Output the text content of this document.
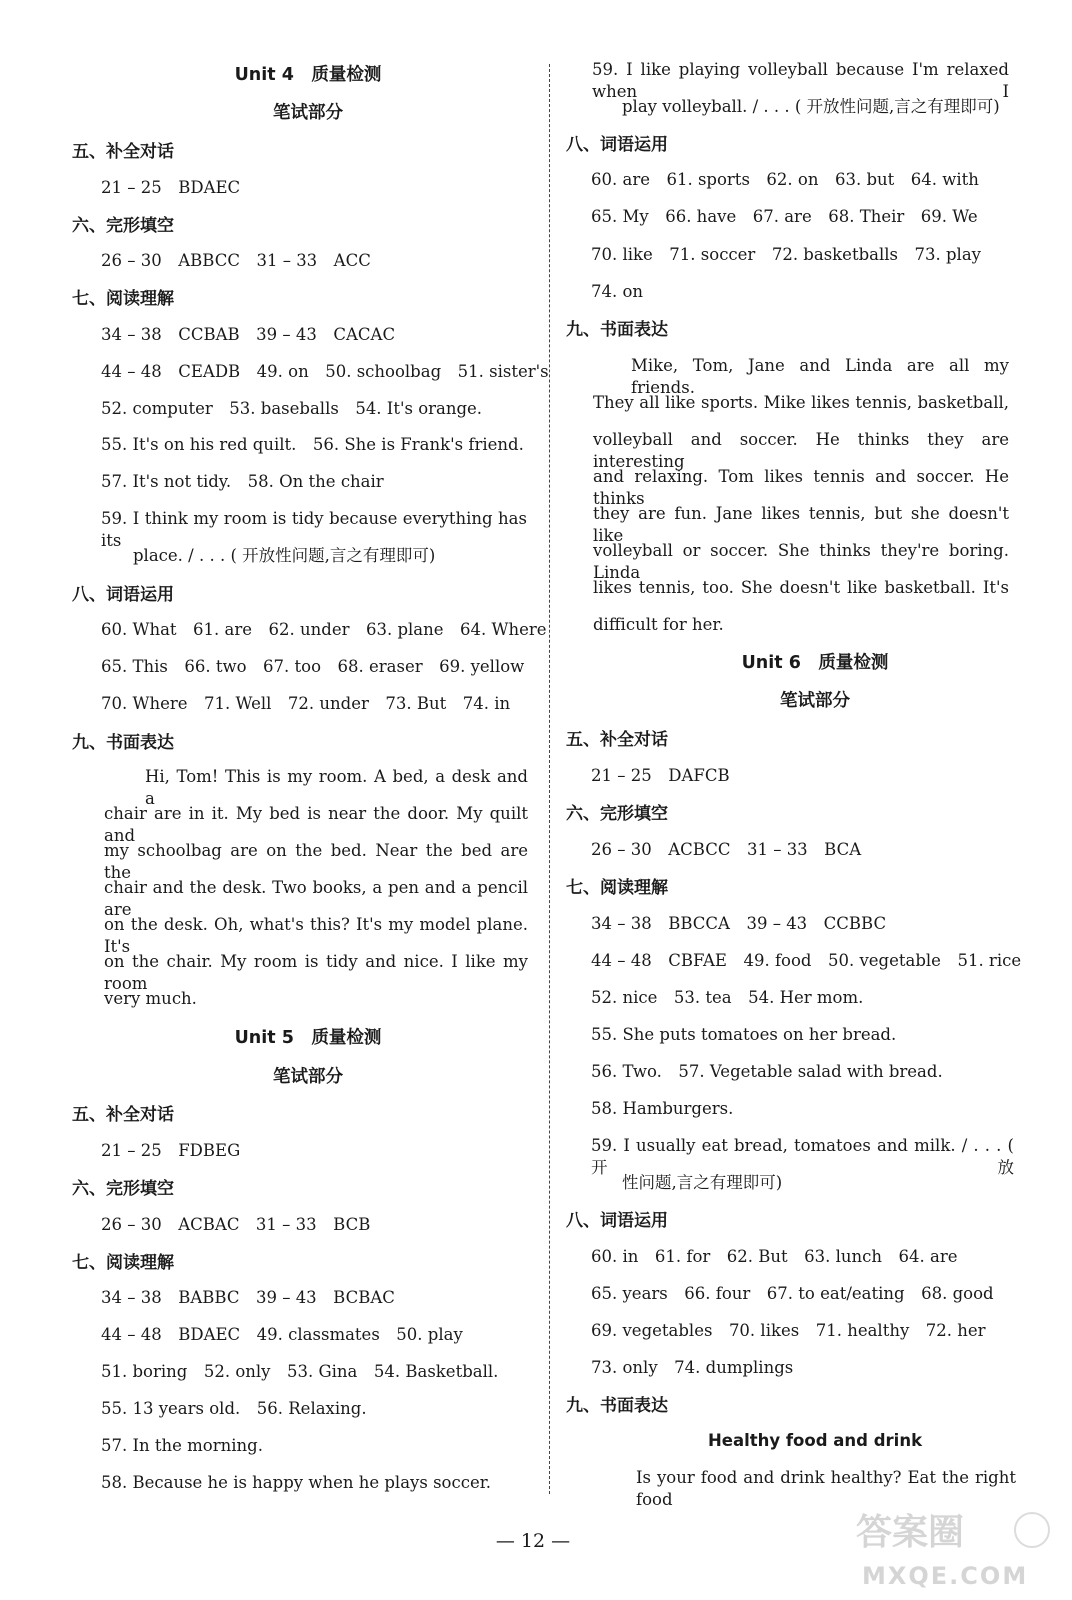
Unit 4　质量检测
笔试部分
五、补全对话
21 – 25　BDAEC
六、完形填空
26 – 30　ABBCC　31 – 33　ACC
七、阅读理解
34 – 38　CCBAB　39 – 43　CACAC
44 – 48　CEADB　49. on　50. schoolbag　51. sister's
52. computer　53. baseballs　54. It's orange.
55. It's on his red quilt.　56. She is Frank's friend.
57. It's not tidy.　58. On the chair
59. I think my room is tidy because everything has its
place. / . . . ( 开放性问题,言之有理即可)
八、词语运用
60. What　61. are　62. under　63. plane　64. Where
65. This　66. two　67. too　68. eraser　69. yellow
70. Where　71. Well　72. under　73. But　74. in
九、书面表达
Hi, Tom! This is my room. A bed, a desk and a
chair are in it. My bed is near the door. My quilt and
my schoolbag are on the bed. Near the bed are the
chair and the desk. Two books, a pen and a pencil are
on the desk. Oh, what's this? It's my model plane. It's
on the chair. My room is tidy and nice. I like my room
very much.
Unit 5　质量检测
笔试部分
五、补全对话
21 – 25　FDBEG
六、完形填空
26 – 30　ACBAC　31 – 33　BCB
七、阅读理解
34 – 38　BABBC　39 – 43　BCBAC
44 – 48　BDAEC　49. classmates　50. play
51. boring　52. only　53. Gina　54. Basketball.
55. 13 years old.　56. Relaxing.
57. In the morning.
58. Because he is happy when he plays soccer.
59. I like playing volleyball because I'm relaxed when I
play volleyball. / . . . ( 开放性问题,言之有理即可)
八、词语运用
60. are　61. sports　62. on　63. but　64. with
65. My　66. have　67. are　68. Their　69. We
70. like　71. soccer　72. basketballs　73. play
74. on
九、书面表达
Mike, Tom, Jane and Linda are all my friends.
They all like sports. Mike likes tennis, basketball,
volleyball and soccer. He thinks they are interesting
and relaxing. Tom likes tennis and soccer. He thinks
they are fun. Jane likes tennis, but she doesn't like
volleyball or soccer. She thinks they're boring. Linda
likes tennis, too. She doesn't like basketball. It's
difficult for her.
Unit 6　质量检测
笔试部分
五、补全对话
21 – 25　DAFCB
六、完形填空
26 – 30　ACBCC　31 – 33　BCA
七、阅读理解
34 – 38　BBCCA　39 – 43　CCBBC
44 – 48　CBFAE　49. food　50. vegetable　51. rice
52. nice　53. tea　54. Her mom.
55. She puts tomatoes on her bread.
56. Two.　57. Vegetable salad with bread.
58. Hamburgers.
59. I usually eat bread, tomatoes and milk. / . . . ( 开放
性问题,言之有理即可)
八、词语运用
60. in　61. for　62. But　63. lunch　64. are
65. years　66. four　67. to eat/eating　68. good
69. vegetables　70. likes　71. healthy　72. her
73. only　74. dumplings
九、书面表达
Healthy food and drink
Is your food and drink healthy? Eat the right food
— 12 —	答案圈
MXQE.COM
